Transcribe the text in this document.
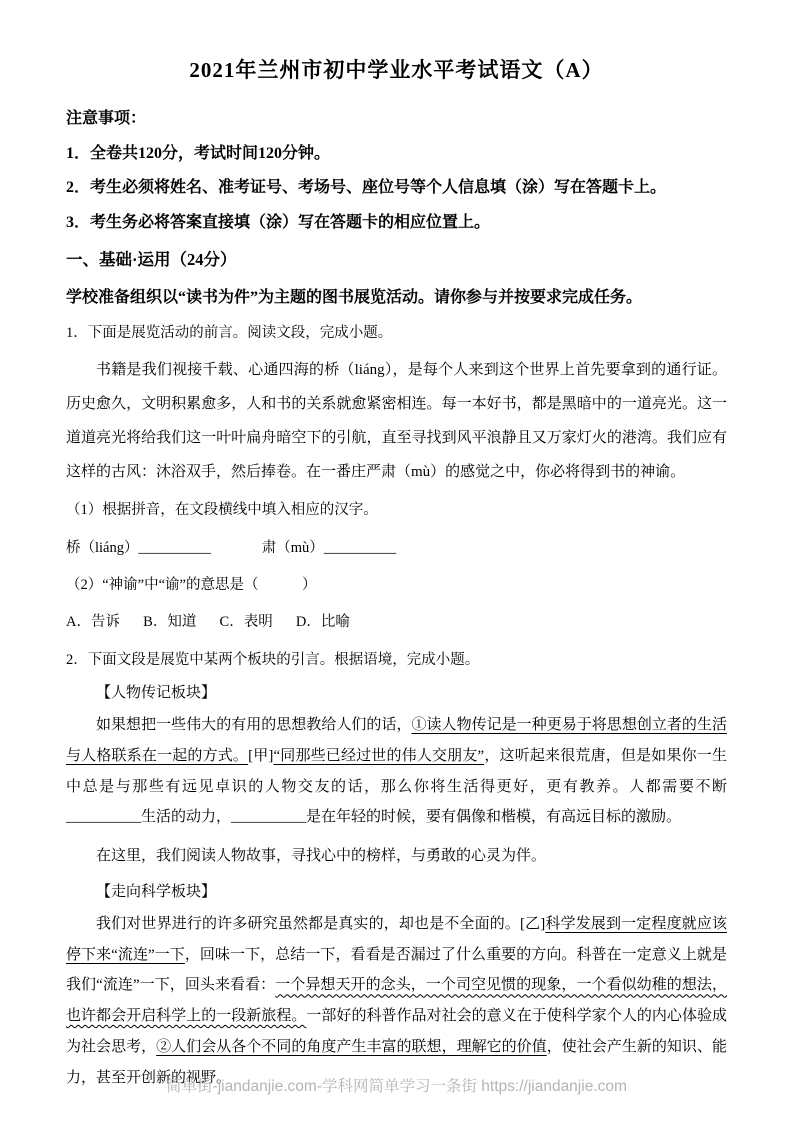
2021年兰州市初中学业水平考试语文（A）

注意事项：

1．全卷共120分，考试时间120分钟。

2．考生必须将姓名、准考证号、考场号、座位号等个人信息填（涂）写在答题卡上。

3．考生务必将答案直接填（涂）写在答题卡的相应位置上。

一、基础·运用（24分）

学校准备组织以“读书为件”为主题的图书展览活动。请你参与并按要求完成任务。

1．下面是展览活动的前言。阅读文段，完成小题。

书籍是我们视接千载、心通四海的桥（liáng），是每个人来到这个世界上首先要拿到的通行证。历史愈久，文明积累愈多，人和书的关系就愈紧密相连。每一本好书，都是黑暗中的一道亮光。这一道道亮光将给我们这一叶叶扁舟暗空下的引航，直至寻找到风平浪静且又万家灯火的港湾。我们应有这样的古风：沐浴双手，然后捧卷。在一番庄严肃（mù）的感觉之中，你必将得到书的神谕。

（1）根据拼音，在文段横线中填入相应的汉字。

桥（liáng）__________	肃（mù）__________

（2）“神谕”中“谕”的意思是（　　　）

A．告诉 B．知道 C．表明 D．比喻

2．下面文段是展览中某两个板块的引言。根据语境，完成小题。

【人物传记板块】

如果想把一些伟大的有用的思想教给人们的话，①读人物传记是一种更易于将思想创立者的生活与人格联系在一起的方式。[甲]“同那些已经过世的伟人交朋友”，这听起来很荒唐，但是如果你一生中总是与那些有远见卓识的人物交友的话，那么你将生活得更好，更有教养。人都需要不断__________生活的动力，__________是在年轻的时候，要有偶像和楷模，有高远目标的激励。

在这里，我们阅读人物故事，寻找心中的榜样，与勇敢的心灵为伴。

【走向科学板块】

我们对世界进行的许多研究虽然都是真实的，却也是不全面的。[乙]科学发展到一定程度就应该停下来“流连”一下，回味一下，总结一下，看看是否漏过了什么重要的方向。科普在一定意义上就是我们“流连”一下，回头来看看：一个异想天开的念头，一个司空见惯的现象，一个看似幼稚的想法，也许都会开启科学上的一段新旅程。一部好的科普作品对社会的意义在于使科学家个人的内心体验成为社会思考，②人们会从各个不同的角度产生丰富的联想，理解它的价值，使社会产生新的知识、能力，甚至开创新的视野。

简单街-jiandanjie.com-学科网简单学习一条街 https://jiandanjie.com
